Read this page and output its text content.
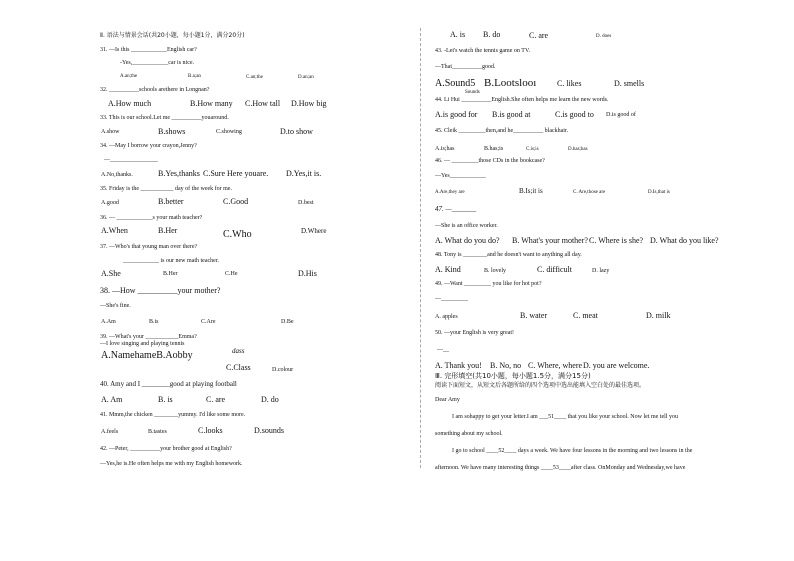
Ⅱ. 语法与情景会话(共20小题，每小题1分，满分20分)
31. —Is this ____________English car?
-Yes,____________car is nice.
A.an;the	B.a;an	C.an;the	D.an;an
32. __________schools arethere in Longnan?
A.How much	B.How many C.How tall D.How big
33. This is our school.Let me __________youaround.
A.show	B.shows	C.showing	D.to show
34. —May I borrow your crayon,Jenny?
—________________
A.No,thanks.	B.Yes,thanks C.Sure Here youare. D.Yes,it is.
35. Friday is the ___________ day of the week for me.
A.good	B.better	C.Good	D.best
36. — ____________s your math teacher?
A.When	B.Her	C.Who	D.Where
37. —Who's that young man over there?
____________ is our new math teacher.
A.She	B.Her	C.He	D.His
38. —How __________your mother?
—She's fine.
A.Am	B.is	C.Are	D.Be
39. —What's your ___________Emma?
—I love singing and playing tennis
A.NamehameB.Aobby	dass
C.Class	D.colour
40. Amy and I ________good at playing football
A. Am	B. is	C. are	D. do
41. Mmm,the chicken ________yummy. I'd like some more.
A.feels	B.tastes	C.looks	D.sounds
42. —Peter, __________your brother good at English?
—Yes,he is.He often helps me with my English homework.
A. is B. do	C. are	D. does
43. -Let's watch the tennis game on TV.
—That__________good.
A.Sound5 B.Lootslooı
Sounds
C. likes	D. smells
44. Li Hui __________English.She often helps me learn the new words.
A.is good for B.is good at	C.is good to D.is good of
45. Cleik _________then,and he__________ blackhair.
A.is;has	B.has;is	C.is;is	D.has;has
46. — _________those CDs in the bookcase?
—Yes____________
A.Are,they are	B.Is;it is	C. Are,those are	D.Is,that is
47. —_______
—She is an office worker.
A. What do you do? B. What's your mother? C. Where is she? D. What do you like?
48. Tony is ________and he doesn't want to anything all day.
A. Kind	B. lovely	C. difficult	D. lazy
49. —Want _________ you like for hot pot?
—_________
A. apples	B. water	C. meat	D. milk
50. —your English is very great!
—__
A. Thank you! B. No, no C. Where, where D. you are welcome.
Ⅲ. 完形填空(共10小题，每小题1.5分，满分15分)
阅读下面短文，从短文后各题所给的四个选项中选出能填入空白处的最佳选项。
Dear Amy
I am sohappy to get your letter.I am ___51____ that you like your school. Now let me tell you
something about my school.
I go to school ____52____ days a week. We have four lessons in the morning and two lessons in the
afternoon. We have many interesting things ____53____after class. OnMonday and Wednesday,we have
